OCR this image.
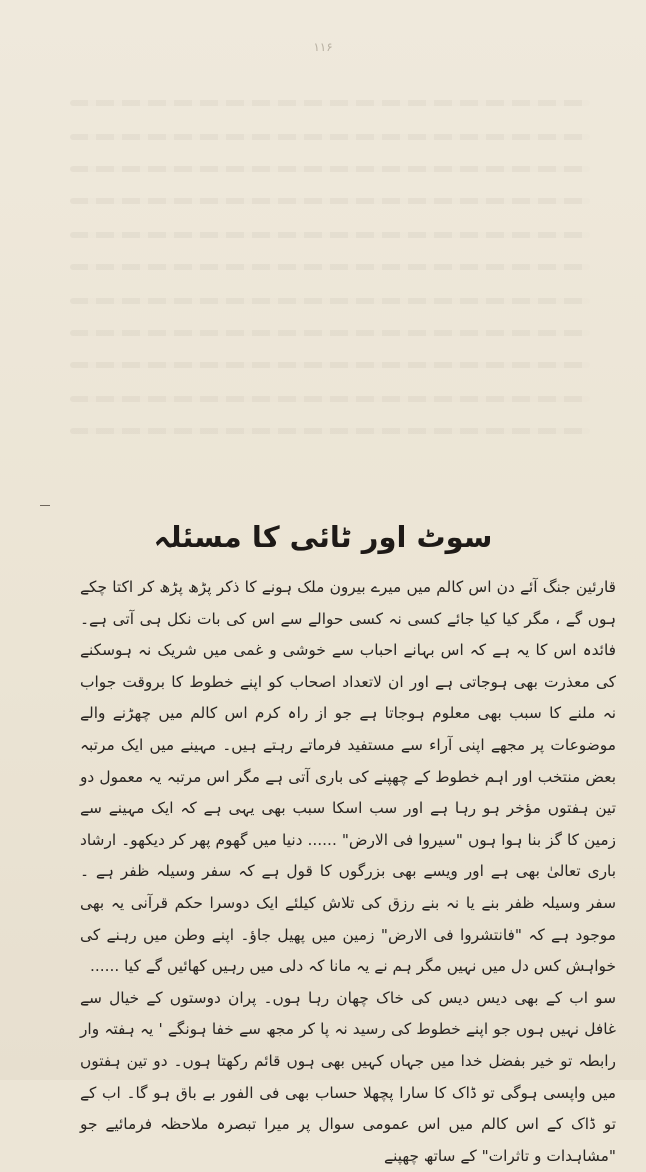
۱۱۶
سوٹ اور ٹائی کا مسئلہ

قارئین جنگ آئے دن اس کالم میں میرے بیرون ملک ہونے کا ذکر پڑھ پڑھ کر اکتا چکے ہوں گے ، مگر کیا کیا جائے کسی نہ کسی حوالے سے اس کی بات نکل ہی آتی ہے۔ فائدہ اس کا یہ ہے کہ اس بہانے احباب سے خوشی و غمی میں شریک نہ ہوسکنے کی معذرت بھی ہوجاتی ہے اور ان لاتعداد اصحاب کو اپنے خطوط کا بروقت جواب نہ ملنے کا سبب بھی معلوم ہوجاتا ہے جو از راہ کرم اس کالم میں چھڑنے والے موضوعات پر مجھے اپنی آراء سے مستفید فرماتے رہتے ہیں۔ مہینے میں ایک مرتبہ بعض منتخب اور اہم خطوط کے چھپنے کی باری آتی ہے مگر اس مرتبہ یہ معمول دو تین ہفتوں مؤخر ہو رہا ہے اور سب اسکا سبب بھی یہی ہے کہ ایک مہینے سے زمین کا گز بنا ہوا ہوں "سیروا فی الارض" ...... دنیا میں گھوم پھر کر دیکھو۔ ارشاد باری تعالیٰ بھی ہے اور ویسے بھی بزرگوں کا قول ہے کہ سفر وسیلہ ظفر ہے ۔ سفر وسیلہ ظفر بنے یا نہ بنے رزق کی تلاش کیلئے ایک دوسرا حکم قرآنی یہ بھی موجود ہے کہ "فانتشروا فی الارض" زمین میں پھیل جاؤ۔ اپنے وطن میں رہنے کی خواہش کس دل میں نہیں مگر ہم نے یہ مانا کہ دلی میں رہیں کھائیں گے کیا ......

سو اب کے بھی دیس دیس کی خاک چھان رہا ہوں۔ پران دوستوں کے خیال سے غافل نہیں ہوں جو اپنے خطوط کی رسید نہ پا کر مجھ سے خفا ہونگے ' یہ ہفتہ وار رابطہ تو خیر بفضل خدا میں جہاں کہیں بھی ہوں قائم رکھتا ہوں۔ دو تین ہفتوں میں واپسی ہوگی تو ڈاک کا سارا پچھلا حساب بھی فی الفور بے باق ہو گا۔ اب کے تو ڈاک کے اس کالم میں اس عمومی سوال پر میرا تبصرہ ملاحظہ فرمائیے جو "مشاہدات و تاثرات" کے ساتھ چھپنے
